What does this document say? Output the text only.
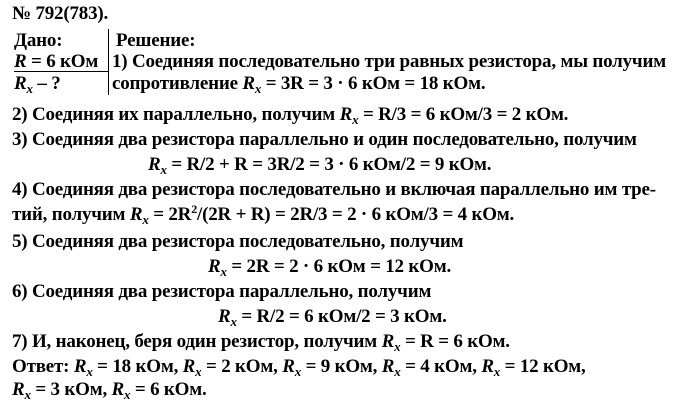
№ 792(783).
Дано:	Решение:
R = 6 кОм
$R_x$ – ?
1) Соединяя последовательно три равных резистора, мы получим
сопротивление $R_x = 3R = 3 \cdot 6$ кОм = 18 кОм.
2) Соединяя их параллельно, получим $R_x = R/3 = 6$ кОм/3 = 2 кОм.
3) Соединяя два резистора параллельно и один последовательно, получим
$R_x = R/2 + R = 3R/2 = 3 \cdot 6$ кОм/2 = 9 кОм.
4) Соединяя два резистора последовательно и включая параллельно им тре-
тий, получим $R_x = 2R^2/(2R + R) = 2R/3 = 2 \cdot 6$ кОм/3 = 4 кОм.
5) Соединяя два резистора последовательно, получим
$R_x = 2R = 2 \cdot 6$ кОм = 12 кОм.
6) Соединяя два резистора параллельно, получим
$R_x = R/2 = 6$ кОм/2 = 3 кОм.
7) И, наконец, беря один резистор, получим $R_x = R = 6$ кОм.
Ответ: $R_x = 18$ кОм, $R_x = 2$ кОм, $R_x = 9$ кОм, $R_x = 4$ кОм, $R_x = 12$ кОм,
$R_x = 3$ кОм, $R_x = 6$ кОм.
